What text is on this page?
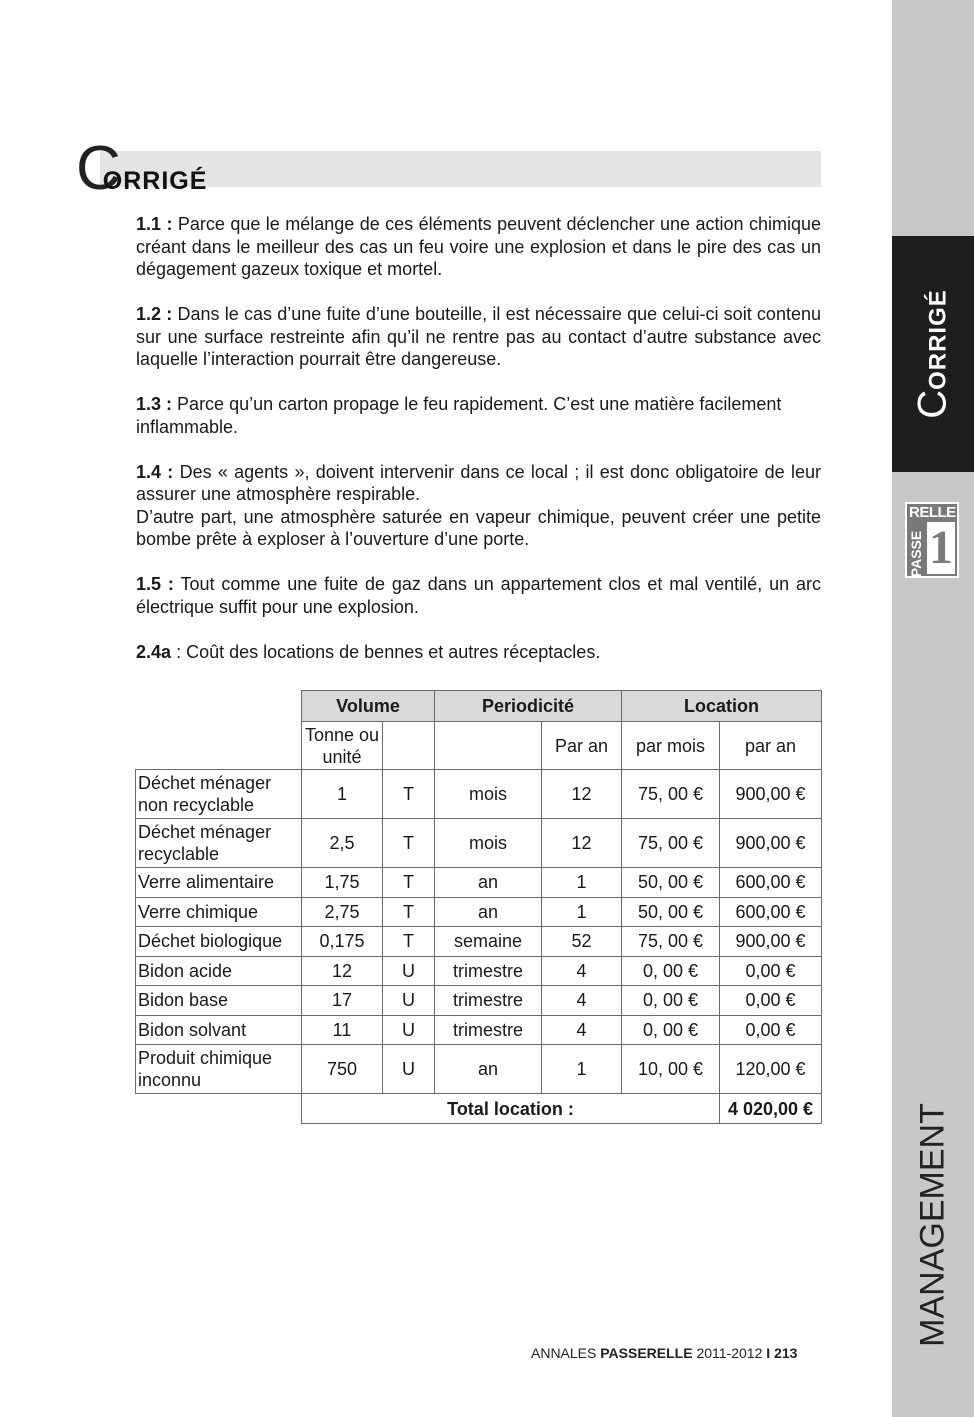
CORRIGÉ
RELLE
PASSE 1
MANAGEMENT
CORRIGÉ

1.1 : Parce que le mélange de ces éléments peuvent déclencher une action chimique créant dans le meilleur des cas un feu voire une explosion et dans le pire des cas un dégagement gazeux toxique et mortel.

1.2 : Dans le cas d’une fuite d’une bouteille, il est nécessaire que celui-ci soit contenu sur une surface restreinte afin qu’il ne rentre pas au contact d’autre substance avec laquelle l’interaction pourrait être dangereuse.

1.3 : Parce qu’un carton propage le feu rapidement. C’est une matière facilement inflammable.

1.4 : Des « agents », doivent intervenir dans ce local ; il est donc obligatoire de leur assurer une atmosphère respirable.
D’autre part, une atmosphère saturée en vapeur chimique, peuvent créer une petite bombe prête à exploser à l’ouverture d’une porte.

1.5 : Tout comme une fuite de gaz dans un appartement clos et mal ventilé, un arc électrique suffit pour une explosion.

2.4a : Coût des locations de bennes et autres réceptacles.

	Volume		Periodicité		Location	
	Tonne ou unité			Par an	par mois	par an
Déchet ménager non recyclable	1	T	mois	12	75, 00 €	900,00 €
Déchet ménager recyclable	2,5	T	mois	12	75, 00 €	900,00 €
Verre alimentaire	1,75	T	an	1	50, 00 €	600,00 €
Verre chimique	2,75	T	an	1	50, 00 €	600,00 €
Déchet biologique	0,175	T	semaine	52	75, 00 €	900,00 €
Bidon acide	12	U	trimestre	4	0, 00 €	0,00 €
Bidon base	17	U	trimestre	4	0, 00 €	0,00 €
Bidon solvant	11	U	trimestre	4	0, 00 €	0,00 €
Produit chimique inconnu	750	U	an	1	10, 00 €	120,00 €
	Total location :					4 020,00 €
ANNALES PASSERELLE 2011-2012 I 213
